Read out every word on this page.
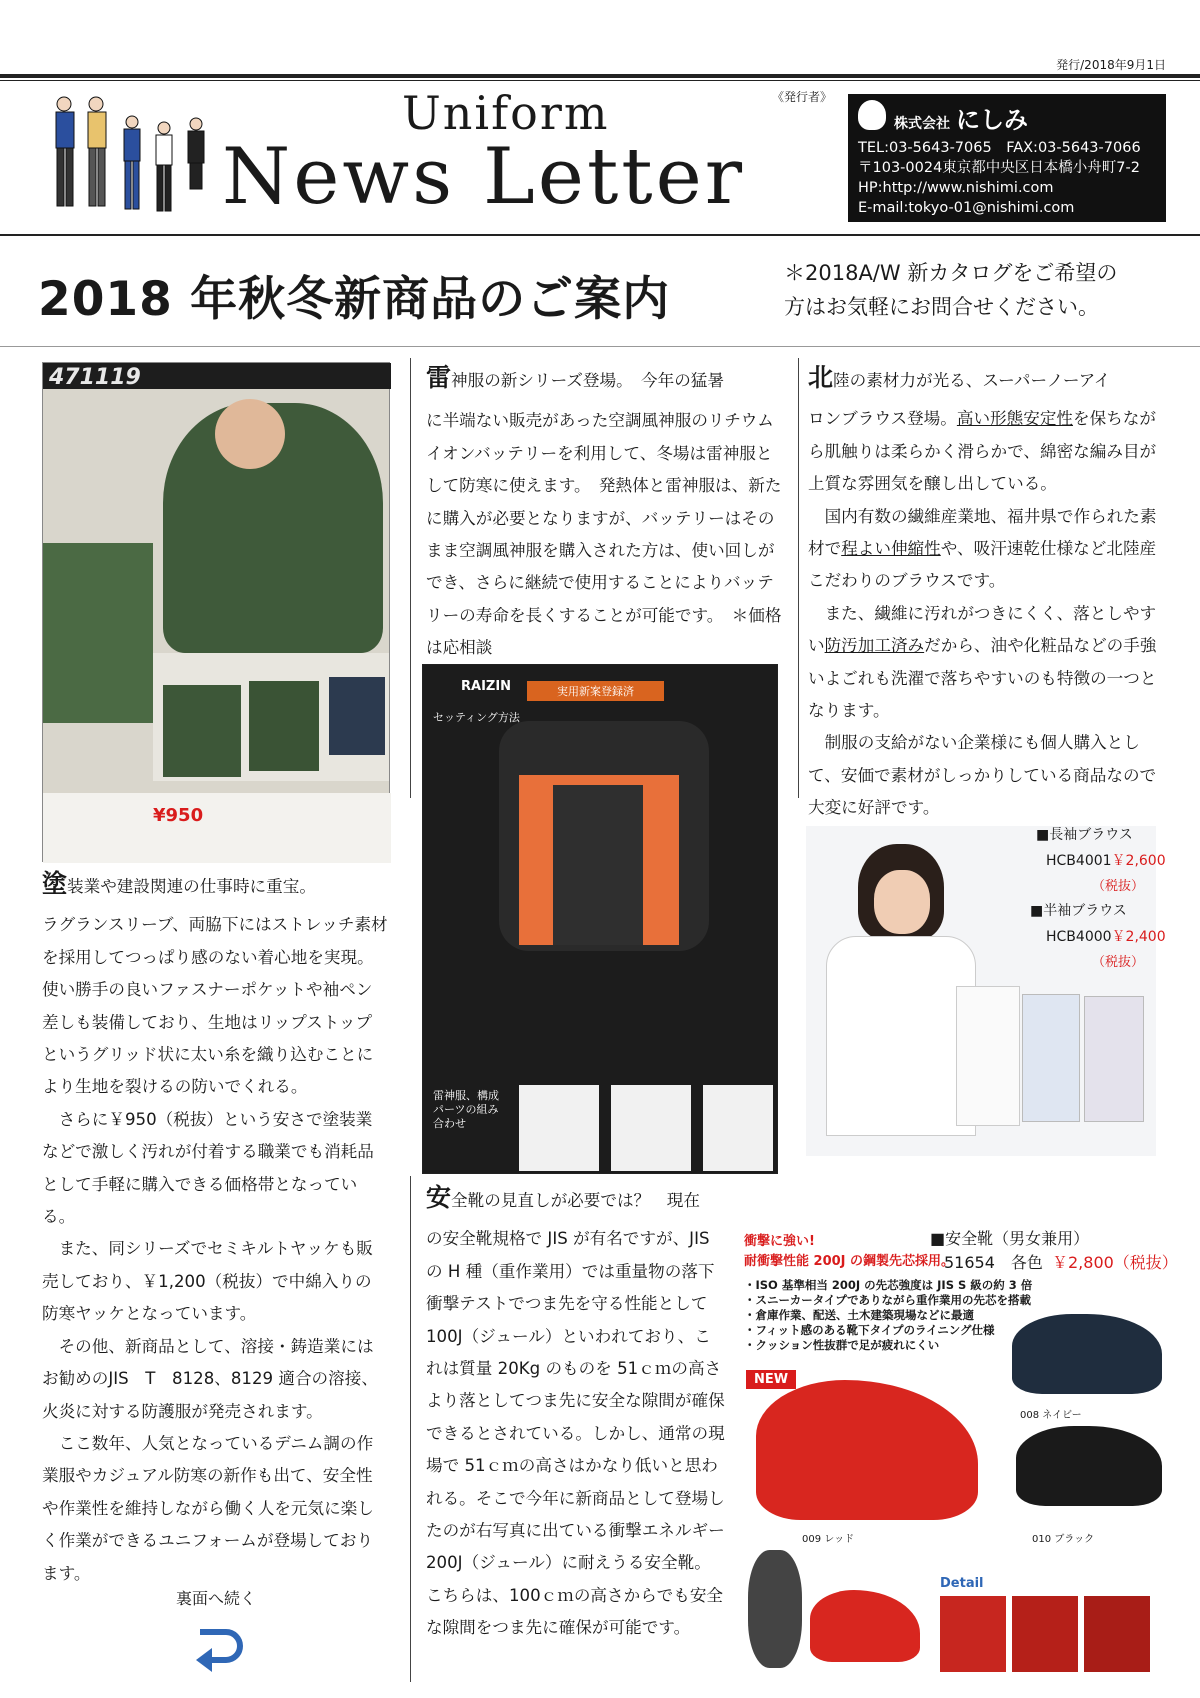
発行/2018年9月1日
Uniform
News Letter
《発行者》
株式会社 にしみ
TEL:03-5643-7065　FAX:03-5643-7066
〒103-0024東京都中央区日本橋小舟町7-2
HP:http://www.nishimi.com
E-mail:tokyo-01@nishimi.com
2018 年秋冬新商品のご案内	＊2018A/W 新カタログをご希望の
方はお気軽にお問合せください。
471119
¥950

塗装業や建設関連の仕事時に重宝。

ラグランスリーブ、両脇下にはストレッチ素材を採用してつっぱり感のない着心地を実現。使い勝手の良いファスナーポケットや袖ペン差しも装備しており、生地はリップストップというグリッド状に太い糸を織り込むことにより生地を裂けるの防いでくれる。

　さらに￥950（税抜）という安さで塗装業などで激しく汚れが付着する職業でも消耗品として手軽に購入できる価格帯となっている。

　また、同シリーズでセミキルトヤッケも販売しており、￥1,200（税抜）で中綿入りの防寒ヤッケとなっています。

　その他、新商品として、溶接・鋳造業にはお勧めのJIS　T　8128、8129 適合の溶接、火炎に対する防護服が発売されます。

　ここ数年、人気となっているデニム調の作業服やカジュアル防寒の新作も出て、安全性や作業性を維持しながら働く人を元気に楽しく作業ができるユニフォームが登場しております。

裏面へ続く

雷神服の新シリーズ登場。　今年の猛暑

に半端ない販売があった空調風神服のリチウムイオンバッテリーを利用して、冬場は雷神服として防寒に使えます。　発熱体と雷神服は、新たに購入が必要となりますが、バッテリーはそのまま空調風神服を購入された方は、使い回しができ、さらに継続で使用することによりバッテリーの寿命を長くすることが可能です。　＊価格は応相談

RAIZIN	実用新案登録済
セッティング方法
雷神服、構成パーツの組み合わせ

安全靴の見直しが必要では？　現在

の安全靴規格で JIS が有名ですが、JIS の H 種（重作業用）では重量物の落下衝撃テストでつま先を守る性能として 100J（ジュール）といわれており、これは質量 20Kg のものを 51ｃｍの高さより落としてつま先に安全な隙間が確保できるとされている。しかし、通常の現場で 51ｃｍの高さはかなり低いと思われる。そこで今年に新商品として登場したのが右写真に出ている衝撃エネルギー 200J（ジュール）に耐えうる安全靴。こちらは、100ｃｍの高さからでも安全な隙間をつま先に確保が可能です。

北陸の素材力が光る、スーパーノーアイ

ロンブラウス登場。高い形態安定性を保ちながら肌触りは柔らかく滑らかで、綿密な編み目が上質な雰囲気を醸し出している。

　国内有数の繊維産業地、福井県で作られた素材で程よい伸縮性や、吸汗速乾仕様など北陸産こだわりのブラウスです。

　また、繊維に汚れがつきにくく、落としやすい防汚加工済みだから、油や化粧品などの手強いよごれも洗濯で落ちやすいのも特徴の一つとなります。

　制服の支給がない企業様にも個人購入として、安価で素材がしっかりしている商品なので大変に好評です。

■長袖ブラウス
HCB4001￥2,600
（税抜）
■半袖ブラウス
HCB4000￥2,400
（税抜）
衝撃に強い!
耐衝撃性能 200J の鋼製先芯採用。
■安全靴（男女兼用）
51654　各色 ￥2,800（税抜）
・ISO 基準相当 200J の先芯強度は JIS S 級の約 3 倍
・スニーカータイプでありながら重作業用の先芯を搭載
・倉庫作業、配送、土木建築現場などに最適
・フィット感のある靴下タイプのライニング仕様
・クッション性抜群で足が疲れにくい
NEW
009 レッド
008 ネイビー
010 ブラック
Detail
